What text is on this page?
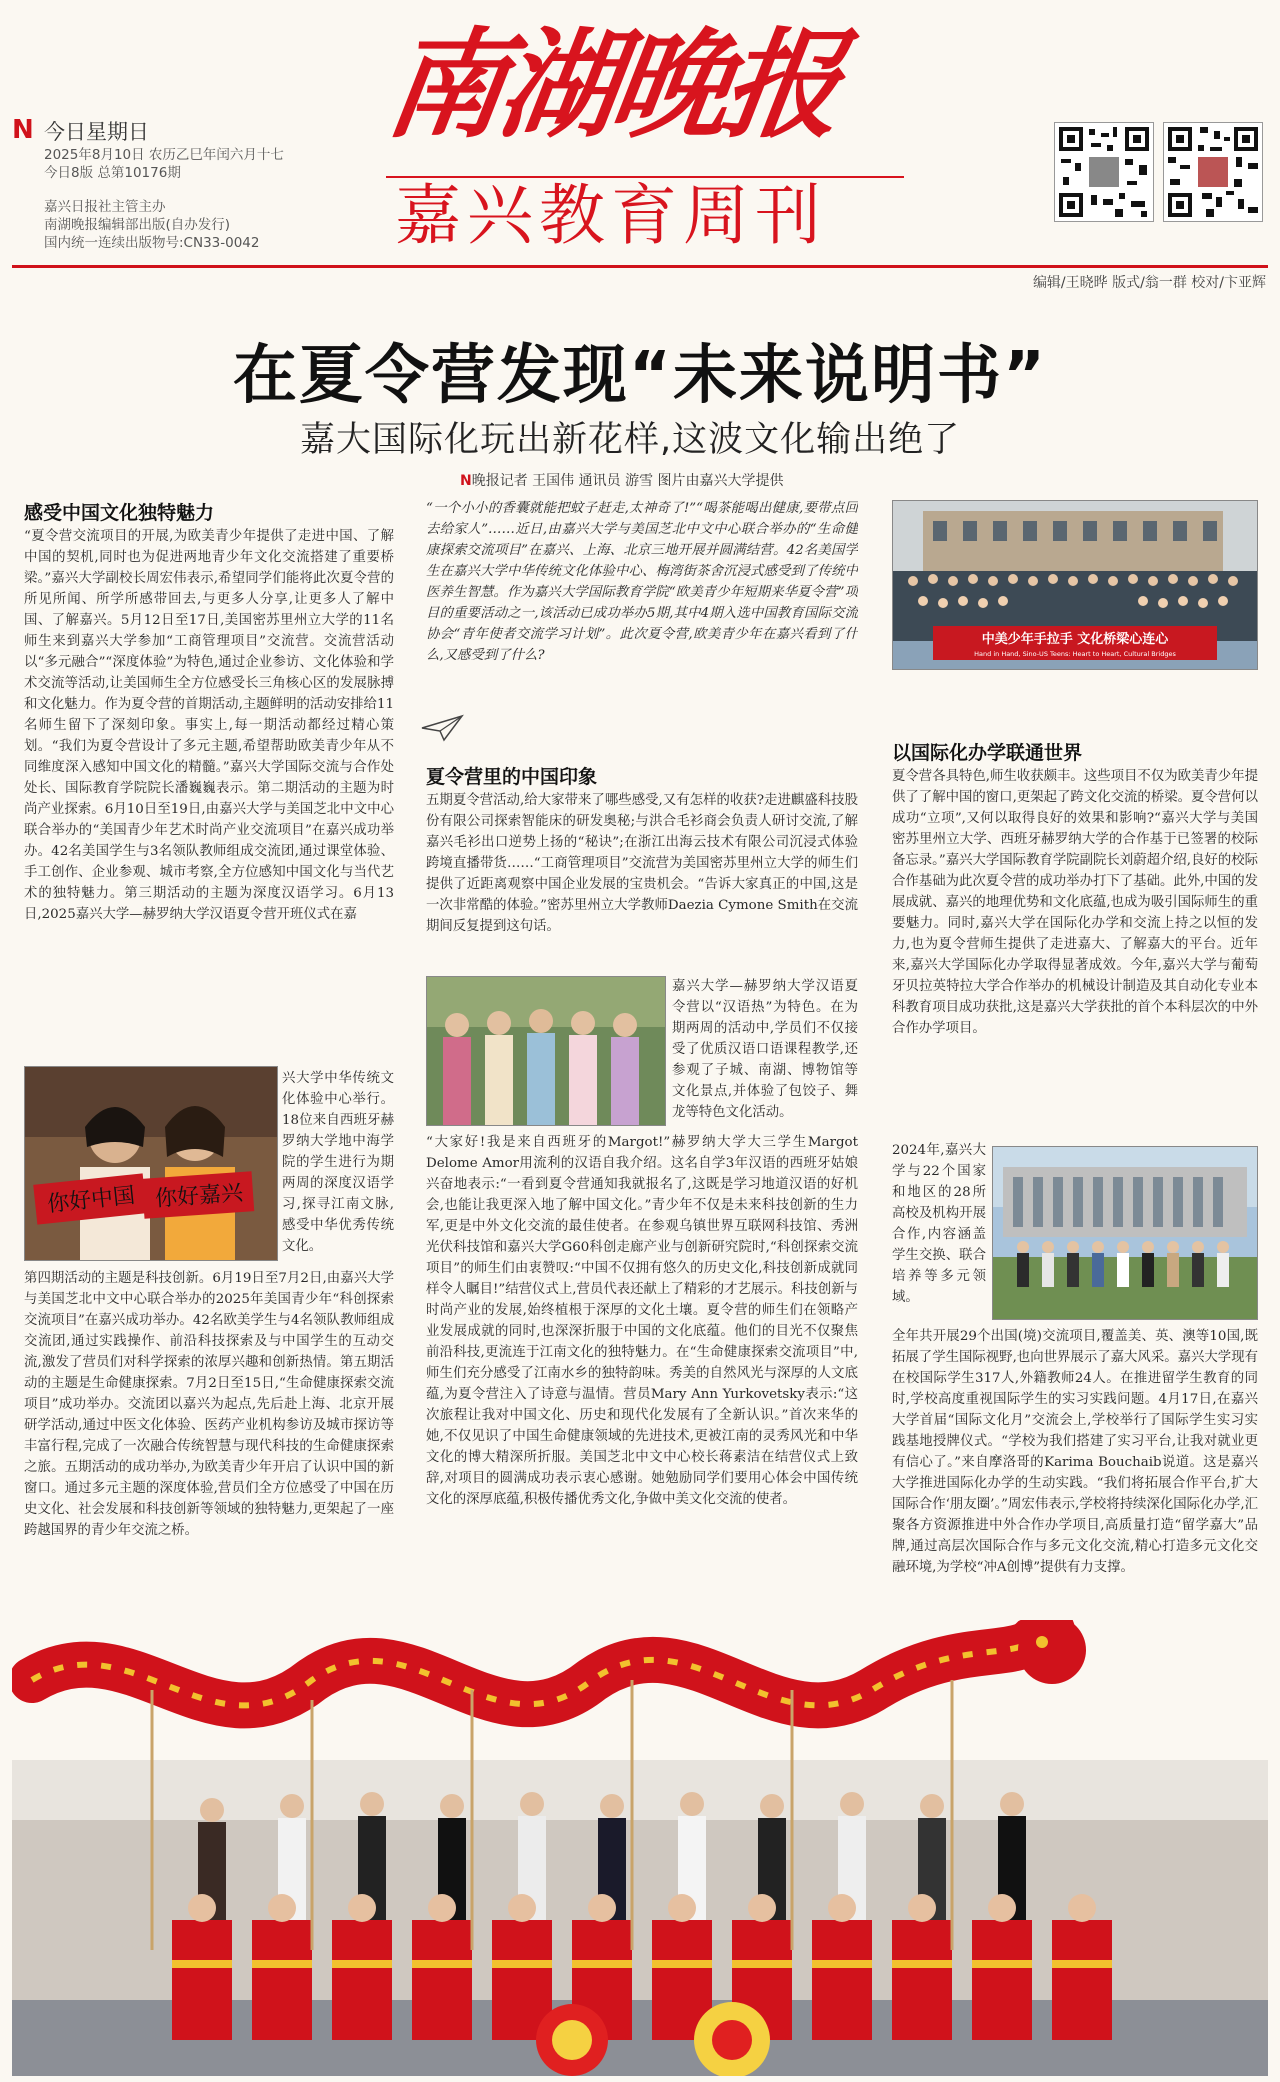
N 今日星期日
2025年8月10日 农历乙巳年闰六月十七
今日8版 总第10176期
嘉兴日报社主管主办
南湖晚报编辑部出版(自办发行)
国内统一连续出版物号:CN33-0042
南湖晚报
嘉兴教育周刊
编辑/王晓晔 版式/翁一群 校对/卞亚辉
在夏令营发现“未来说明书”
嘉大国际化玩出新花样,这波文化输出绝了
N晚报记者 王国伟 通讯员 游雪 图片由嘉兴大学提供
感受中国文化独特魅力
“夏令营交流项目的开展,为欧美青少年提供了走进中国、了解中国的契机,同时也为促进两地青少年文化交流搭建了重要桥梁。”嘉兴大学副校长周宏伟表示,希望同学们能将此次夏令营的所见所闻、所学所感带回去,与更多人分享,让更多人了解中国、了解嘉兴。5月12日至17日,美国密苏里州立大学的11名师生来到嘉兴大学参加“工商管理项目”交流营。交流营活动以“多元融合”“深度体验”为特色,通过企业参访、文化体验和学术交流等活动,让美国师生全方位感受长三角核心区的发展脉搏和文化魅力。作为夏令营的首期活动,主题鲜明的活动安排给11名师生留下了深刻印象。事实上,每一期活动都经过精心策划。“我们为夏令营设计了多元主题,希望帮助欧美青少年从不同维度深入感知中国文化的精髓。”嘉兴大学国际交流与合作处处长、国际教育学院院长潘巍巍表示。第二期活动的主题为时尚产业探索。6月10日至19日,由嘉兴大学与美国芝北中文中心联合举办的“美国青少年艺术时尚产业交流项目”在嘉兴成功举办。42名美国学生与3名领队教师组成交流团,通过课堂体验、手工创作、企业参观、城市考察,全方位感知中国文化与当代艺术的独特魅力。第三期活动的主题为深度汉语学习。6月13日,2025嘉兴大学—赫罗纳大学汉语夏令营开班仪式在嘉
你好中国 你好嘉兴
兴大学中华传统文化体验中心举行。18位来自西班牙赫罗纳大学地中海学院的学生进行为期两周的深度汉语学习,探寻江南文脉,感受中华优秀传统文化。
第四期活动的主题是科技创新。6月19日至7月2日,由嘉兴大学与美国芝北中文中心联合举办的2025年美国青少年“科创探索交流项目”在嘉兴成功举办。42名欧美学生与4名领队教师组成交流团,通过实践操作、前沿科技探索及与中国学生的互动交流,激发了营员们对科学探索的浓厚兴趣和创新热情。第五期活动的主题是生命健康探索。7月2日至15日,“生命健康探索交流项目”成功举办。交流团以嘉兴为起点,先后赴上海、北京开展研学活动,通过中医文化体验、医药产业机构参访及城市探访等丰富行程,完成了一次融合传统智慧与现代科技的生命健康探索之旅。五期活动的成功举办,为欧美青少年开启了认识中国的新窗口。通过多元主题的深度体验,营员们全方位感受了中国在历史文化、社会发展和科技创新等领域的独特魅力,更架起了一座跨越国界的青少年交流之桥。
“一个小小的香囊就能把蚊子赶走,太神奇了!”“喝茶能喝出健康,要带点回去给家人”……近日,由嘉兴大学与美国芝北中文中心联合举办的“生命健康探索交流项目”在嘉兴、上海、北京三地开展并圆满结营。42名美国学生在嘉兴大学中华传统文化体验中心、梅湾街茶舍沉浸式感受到了传统中医养生智慧。作为嘉兴大学国际教育学院“欧美青少年短期来华夏令营”项目的重要活动之一,该活动已成功举办5期,其中4期入选中国教育国际交流协会“青年使者交流学习计划”。此次夏令营,欧美青少年在嘉兴看到了什么,又感受到了什么?
夏令营里的中国印象
五期夏令营活动,给大家带来了哪些感受,又有怎样的收获?走进麒盛科技股份有限公司探索智能床的研发奥秘;与洪合毛衫商会负责人研讨交流,了解嘉兴毛衫出口逆势上扬的“秘诀”;在浙江出海云技术有限公司沉浸式体验跨境直播带货……“工商管理项目”交流营为美国密苏里州立大学的师生们提供了近距离观察中国企业发展的宝贵机会。“告诉大家真正的中国,这是一次非常酷的体验。”密苏里州立大学教师Daezia Cymone Smith在交流期间反复提到这句话。
嘉兴大学—赫罗纳大学汉语夏令营以“汉语热”为特色。在为期两周的活动中,学员们不仅接受了优质汉语口语课程教学,还参观了子城、南湖、博物馆等文化景点,并体验了包饺子、舞龙等特色文化活动。
“大家好!我是来自西班牙的Margot!”赫罗纳大学大三学生Margot Delome Amor用流利的汉语自我介绍。这名自学3年汉语的西班牙姑娘兴奋地表示:“一看到夏令营通知我就报名了,这既是学习地道汉语的好机会,也能让我更深入地了解中国文化。”青少年不仅是未来科技创新的生力军,更是中外文化交流的最佳使者。在参观乌镇世界互联网科技馆、秀洲光伏科技馆和嘉兴大学G60科创走廊产业与创新研究院时,“科创探索交流项目”的师生们由衷赞叹:“中国不仅拥有悠久的历史文化,科技创新成就同样令人瞩目!”结营仪式上,营员代表还献上了精彩的才艺展示。科技创新与时尚产业的发展,始终植根于深厚的文化土壤。夏令营的师生们在领略产业发展成就的同时,也深深折服于中国的文化底蕴。他们的目光不仅聚焦前沿科技,更流连于江南文化的独特魅力。在“生命健康探索交流项目”中,师生们充分感受了江南水乡的独特韵味。秀美的自然风光与深厚的人文底蕴,为夏令营注入了诗意与温情。营员Mary Ann Yurkovetsky表示:“这次旅程让我对中国文化、历史和现代化发展有了全新认识。”首次来华的她,不仅见识了中国生命健康领域的先进技术,更被江南的灵秀风光和中华文化的博大精深所折服。美国芝北中文中心校长蒋素洁在结营仪式上致辞,对项目的圆满成功表示衷心感谢。她勉励同学们要用心体会中国传统文化的深厚底蕴,积极传播优秀文化,争做中美文化交流的使者。
中美少年手拉手 文化桥梁心连心
Hand in Hand, Sino-US Teens: Heart to Heart, Cultural Bridges
以国际化办学联通世界
夏令营各具特色,师生收获颇丰。这些项目不仅为欧美青少年提供了了解中国的窗口,更架起了跨文化交流的桥梁。夏令营何以成功“立项”,又何以取得良好的效果和影响?“嘉兴大学与美国密苏里州立大学、西班牙赫罗纳大学的合作基于已签署的校际备忘录。”嘉兴大学国际教育学院副院长刘蔚超介绍,良好的校际合作基础为此次夏令营的成功举办打下了基础。此外,中国的发展成就、嘉兴的地理优势和文化底蕴,也成为吸引国际师生的重要魅力。同时,嘉兴大学在国际化办学和交流上持之以恒的发力,也为夏令营师生提供了走进嘉大、了解嘉大的平台。近年来,嘉兴大学国际化办学取得显著成效。今年,嘉兴大学与葡萄牙贝拉英特拉大学合作举办的机械设计制造及其自动化专业本科教育项目成功获批,这是嘉兴大学获批的首个本科层次的中外合作办学项目。
2024年,嘉兴大学与22个国家和地区的28所高校及机构开展合作,内容涵盖学生交换、联合培养等多元领域。
全年共开展29个出国(境)交流项目,覆盖美、英、澳等10国,既拓展了学生国际视野,也向世界展示了嘉大风采。嘉兴大学现有在校国际学生317人,外籍教师24人。在推进留学生教育的同时,学校高度重视国际学生的实习实践问题。4月17日,在嘉兴大学首届“国际文化月”交流会上,学校举行了国际学生实习实践基地授牌仪式。“学校为我们搭建了实习平台,让我对就业更有信心了。”来自摩洛哥的Karima Bouchaib说道。这是嘉兴大学推进国际化办学的生动实践。“我们将拓展合作平台,扩大国际合作‘朋友圈’。”周宏伟表示,学校将持续深化国际化办学,汇聚各方资源推进中外合作办学项目,高质量打造“留学嘉大”品牌,通过高层次国际合作与多元文化交流,精心打造多元文化交融环境,为学校“冲A创博”提供有力支撑。
